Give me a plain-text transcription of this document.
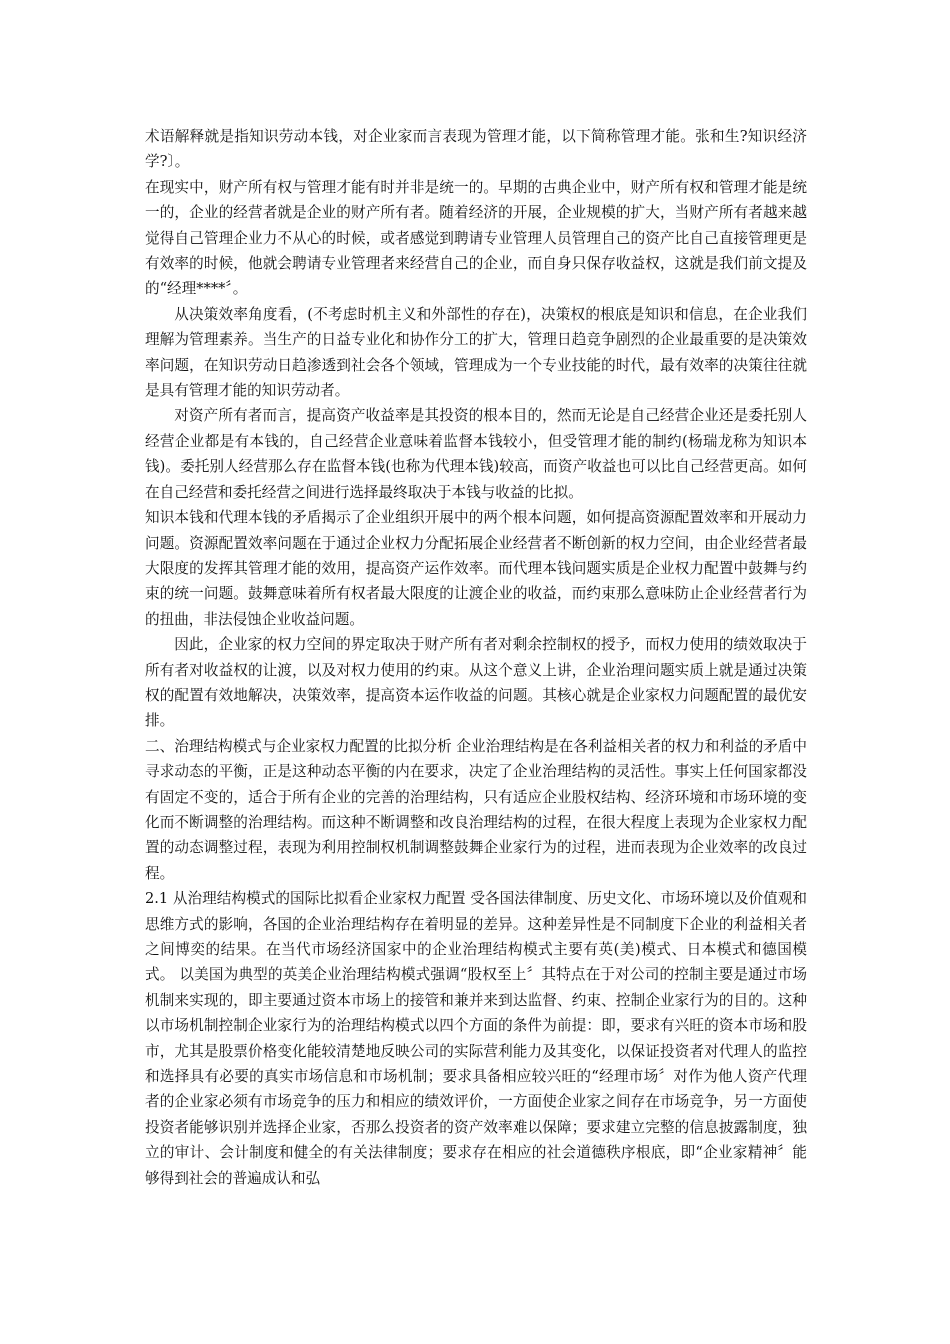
术语解释就是指知识劳动本钱，对企业家而言表现为管理才能，以下简称管理才能。张和生?知识经济学?〕。

在现实中，财产所有权与管理才能有时并非是统一的。早期的古典企业中，财产所有权和管理才能是统一的，企业的经营者就是企业的财产所有者。随着经济的开展，企业规模的扩大，当财产所有者越来越觉得自己管理企业力不从心的时候，或者感觉到聘请专业管理人员管理自己的资产比自己直接管理更是有效率的时候，他就会聘请专业管理者来经营自己的企业，而自身只保存收益权，这就是我们前文提及的“经理****〞。

从决策效率角度看，(不考虑时机主义和外部性的存在)，决策权的根底是知识和信息，在企业我们理解为管理素养。当生产的日益专业化和协作分工的扩大，管理日趋竞争剧烈的企业最重要的是决策效率问题，在知识劳动日趋渗透到社会各个领域，管理成为一个专业技能的时代，最有效率的决策往往就是具有管理才能的知识劳动者。

对资产所有者而言，提高资产收益率是其投资的根本目的，然而无论是自己经营企业还是委托别人经营企业都是有本钱的，自己经营企业意味着监督本钱较小，但受管理才能的制约(杨瑞龙称为知识本钱)。委托别人经营那么存在监督本钱(也称为代理本钱)较高，而资产收益也可以比自己经营更高。如何在自己经营和委托经营之间进行选择最终取决于本钱与收益的比拟。

知识本钱和代理本钱的矛盾揭示了企业组织开展中的两个根本问题，如何提高资源配置效率和开展动力问题。资源配置效率问题在于通过企业权力分配拓展企业经营者不断创新的权力空间，由企业经营者最大限度的发挥其管理才能的效用，提高资产运作效率。而代理本钱问题实质是企业权力配置中鼓舞与约束的统一问题。鼓舞意味着所有权者最大限度的让渡企业的收益，而约束那么意味防止企业经营者行为的扭曲，非法侵蚀企业收益问题。

因此，企业家的权力空间的界定取决于财产所有者对剩余控制权的授予，而权力使用的绩效取决于所有者对收益权的让渡，以及对权力使用的约束。从这个意义上讲，企业治理问题实质上就是通过决策权的配置有效地解决，决策效率，提高资本运作收益的问题。其核心就是企业家权力问题配置的最优安排。

二、治理结构模式与企业家权力配置的比拟分析 企业治理结构是在各利益相关者的权力和利益的矛盾中寻求动态的平衡，正是这种动态平衡的内在要求，决定了企业治理结构的灵活性。事实上任何国家都没有固定不变的，适合于所有企业的完善的治理结构，只有适应企业股权结构、经济环境和市场环境的变化而不断调整的治理结构。而这种不断调整和改良治理结构的过程，在很大程度上表现为企业家权力配置的动态调整过程，表现为利用控制权机制调整鼓舞企业家行为的过程，进而表现为企业效率的改良过程。

2.1 从治理结构模式的国际比拟看企业家权力配置 受各国法律制度、历史文化、市场环境以及价值观和思维方式的影响，各国的企业治理结构存在着明显的差异。这种差异性是不同制度下企业的利益相关者之间博奕的结果。在当代市场经济国家中的企业治理结构模式主要有英(美)模式、日本模式和德国模式。 以美国为典型的英美企业治理结构模式强调“股权至上〞其特点在于对公司的控制主要是通过市场机制来实现的，即主要通过资本市场上的接管和兼并来到达监督、约束、控制企业家行为的目的。这种以市场机制控制企业家行为的治理结构模式以四个方面的条件为前提：即，要求有兴旺的资本市场和股市，尤其是股票价格变化能较清楚地反映公司的实际营利能力及其变化，以保证投资者对代理人的监控和选择具有必要的真实市场信息和市场机制；要求具备相应较兴旺的“经理市场〞对作为他人资产代理者的企业家必须有市场竞争的压力和相应的绩效评价，一方面使企业家之间存在市场竞争，另一方面使投资者能够识别并选择企业家，否那么投资者的资产效率难以保障；要求建立完整的信息披露制度，独立的审计、会计制度和健全的有关法律制度；要求存在相应的社会道德秩序根底，即“企业家精神〞能够得到社会的普遍成认和弘
